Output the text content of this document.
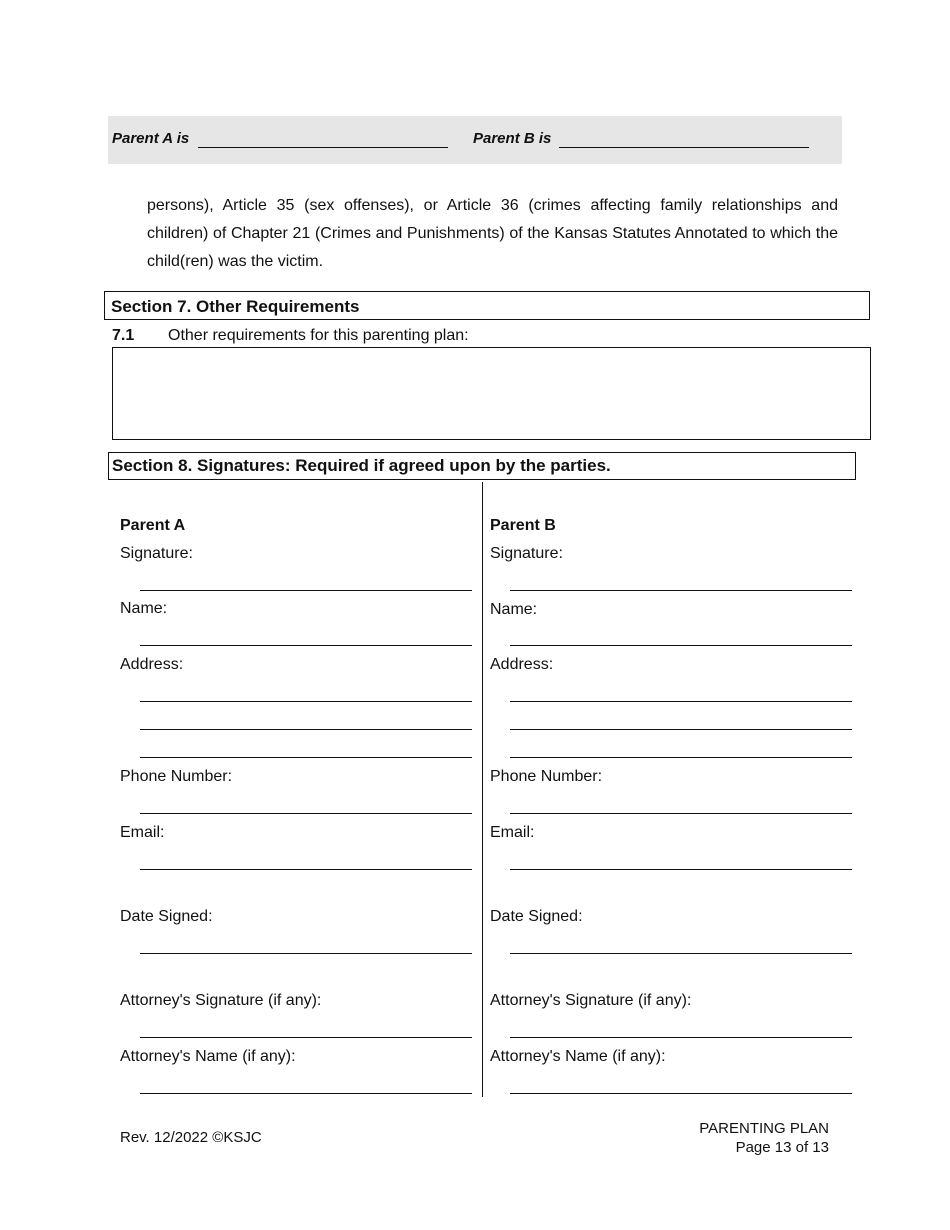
Parent A is	Parent B is
persons), Article 35 (sex offenses), or Article 36 (crimes affecting family relationships and children) of Chapter 21 (Crimes and Punishments) of the Kansas Statutes Annotated to which the child(ren) was the victim.
Section 7. Other Requirements
7.1 Other requirements for this parenting plan:
Section 8. Signatures: Required if agreed upon by the parties.
Parent A
Signature:
Name:
Address:
Phone Number:
Email:
Date Signed:
Attorney's Signature (if any):
Attorney's Name (if any):
Parent B
Signature:
Name:
Address:
Phone Number:
Email:
Date Signed:
Attorney's Signature (if any):
Attorney's Name (if any):
Rev. 12/2022 ©KSJC
PARENTING PLAN
Page 13 of 13
